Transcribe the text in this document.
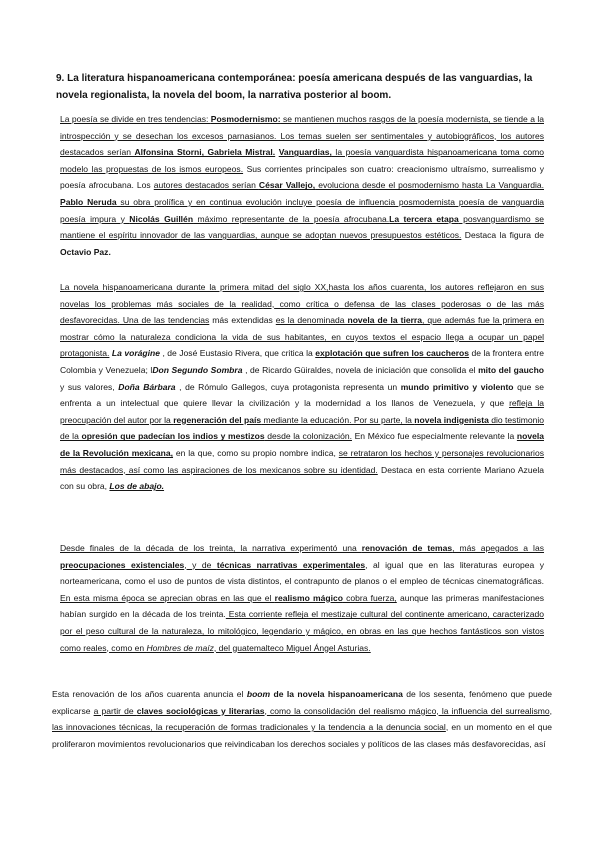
9. La literatura hispanoamericana contemporánea: poesía americana después de las vanguardias, la novela regionalista, la novela del boom, la narrativa posterior al boom.

La poesía se divide en tres tendencias: Posmodernismo: se mantienen muchos rasgos de la poesía modernista, se tiende a la introspección y se desechan los excesos parnasianos. Los temas suelen ser sentimentales y autobiográficos, los autores destacados serían Alfonsina Storni, Gabriela Mistral. Vanguardias, la poesía vanguardista hispanoamericana toma como modelo las propuestas de los ismos europeos. Sus corrientes principales son cuatro: creacionismo ultraísmo, surrealismo y poesía afrocubana. Los autores destacados serían César Vallejo, evoluciona desde el posmodernismo hasta La Vanguardia. Pablo Neruda su obra prolífica y en continua evolución incluye poesía de influencia posmodernista poesía de vanguardia poesía impura y Nicolás Guillén máximo representante de la poesía afrocubana.La tercera etapa posvanguardismo se mantiene el espíritu innovador de las vanguardias, aunque se adoptan nuevos presupuestos estéticos. Destaca la figura de Octavio Paz.

La novela hispanoamericana durante la primera mitad del siglo XX,hasta los años cuarenta, los autores reflejaron en sus novelas los problemas más sociales de la realidad, como crítica o defensa de las clases poderosas o de las más desfavorecidas. Una de las tendencias más extendidas es la denominada novela de la tierra, que además fue la primera en mostrar cómo la naturaleza condiciona la vida de sus habitantes, en cuyos textos el espacio llega a ocupar un papel protagonista. La vorágine , de José Eustasio Rivera, que critica la explotación que sufren los caucheros de la frontera entre Colombia y Venezuela; lDon Segundo Sombra , de Ricardo Güiraldes, novela de iniciación que consolida el mito del gaucho y sus valores, Doña Bárbara , de Rómulo Gallegos, cuya protagonista representa un mundo primitivo y violento que se enfrenta a un intelectual que quiere llevar la civilización y la modernidad a los llanos de Venezuela, y que refleja la preocupación del autor por la regeneración del país mediante la educación. Por su parte, la novela indigenista dio testimonio de la opresión que padecían los indios y mestizos desde la colonización. En México fue especialmente relevante la novela de la Revolución mexicana, en la que, como su propio nombre indica, se retrataron los hechos y personajes revolucionarios más destacados, así como las aspiraciones de los mexicanos sobre su identidad. Destaca en esta corriente Mariano Azuela con su obra, Los de abajo.

Desde finales de la década de los treinta, la narrativa experimentó una renovación de temas, más apegados a las preocupaciones existenciales, y de técnicas narrativas experimentales, al igual que en las literaturas europea y norteamericana, como el uso de puntos de vista distintos, el contrapunto de planos o el empleo de técnicas cinematográficas. En esta misma época se aprecian obras en las que el realismo mágico cobra fuerza, aunque las primeras manifestaciones habían surgido en la década de los treinta. Esta corriente refleja el mestizaje cultural del continente americano, caracterizado por el peso cultural de la naturaleza, lo mitológico, legendario y mágico, en obras en las que hechos fantásticos son vistos como reales, como en Hombres de maíz, del guatemalteco Miguel Ángel Asturias.

Esta renovación de los años cuarenta anuncia el boom de la novela hispanoamericana de los sesenta, fenómeno que puede explicarse a partir de claves sociológicas y literarias, como la consolidación del realismo mágico, la influencia del surrealismo, las innovaciones técnicas, la recuperación de formas tradicionales y la tendencia a la denuncia social, en un momento en el que proliferaron movimientos revolucionarios que reivindicaban los derechos sociales y políticos de las clases más desfavorecidas, así
